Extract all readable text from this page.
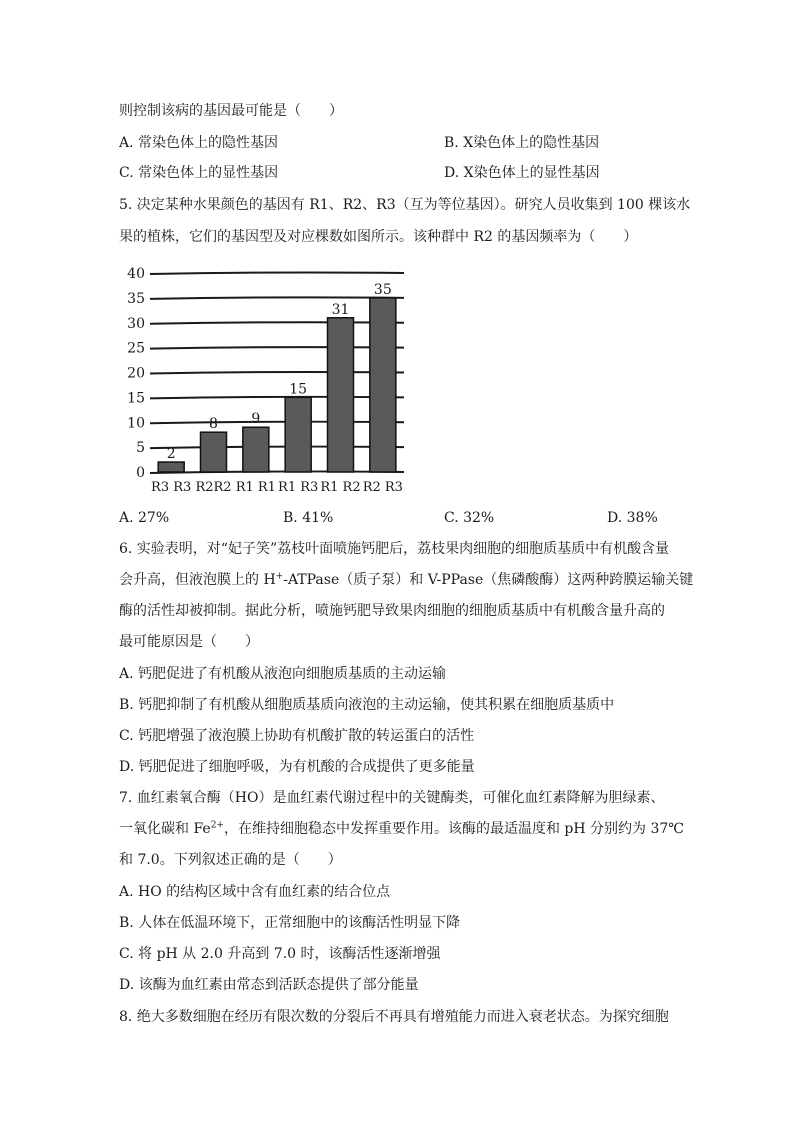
则控制该病的基因最可能是（　　）
A. 常染色体上的隐性基因	B. X染色体上的隐性基因
C. 常染色体上的显性基因	D. X染色体上的显性基因
5. 决定某种水果颜色的基因有 R1、R2、R3（互为等位基因）。研究人员收集到 100 棵该水
果的植株，它们的基因型及对应棵数如图所示。该种群中 R2 的基因频率为（　　）
0
5
10
15
20
25
30
35
40
2
8 9
15
31
35
R3 R3 R2R2 R1 R1 R1 R3 R1 R2 R2 R3
A. 27%	B. 41%	C. 32%	D. 38%
6. 实验表明，对“妃子笑”荔枝叶面喷施钙肥后，荔枝果肉细胞的细胞质基质中有机酸含量
会升高，但液泡膜上的 H+-ATPase（质子泵）和 V-PPase（焦磷酸酶）这两种跨膜运输关键
酶的活性却被抑制。据此分析，喷施钙肥导致果肉细胞的细胞质基质中有机酸含量升高的
最可能原因是（　　）
A. 钙肥促进了有机酸从液泡向细胞质基质的主动运输
B. 钙肥抑制了有机酸从细胞质基质向液泡的主动运输，使其积累在细胞质基质中
C. 钙肥增强了液泡膜上协助有机酸扩散的转运蛋白的活性
D. 钙肥促进了细胞呼吸，为有机酸的合成提供了更多能量
7. 血红素氧合酶（HO）是血红素代谢过程中的关键酶类，可催化血红素降解为胆绿素、
一氧化碳和 $Fe^{2+}$，在维持细胞稳态中发挥重要作用。该酶的最适温度和 pH 分别约为 37℃
和 7.0。下列叙述正确的是（　　）
A. HO 的结构区域中含有血红素的结合位点
B. 人体在低温环境下，正常细胞中的该酶活性明显下降
C. 将 pH 从 2.0 升高到 7.0 时，该酶活性逐渐增强
D. 该酶为血红素由常态到活跃态提供了部分能量
8. 绝大多数细胞在经历有限次数的分裂后不再具有增殖能力而进入衰老状态。为探究细胞
